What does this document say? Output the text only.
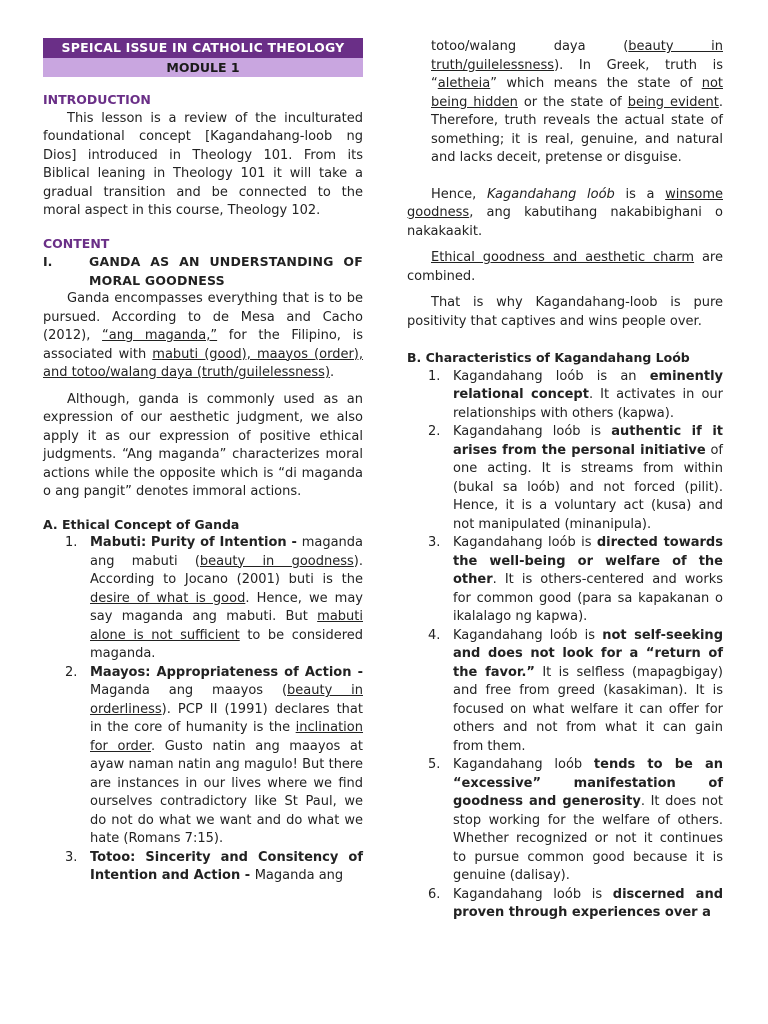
SPEICAL ISSUE IN CATHOLIC THEOLOGY
MODULE 1
INTRODUCTION

This lesson is a review of the inculturated foundational concept [Kagandahang-loob ng Dios] introduced in Theology 101. From its Biblical leaning in Theology 101 it will take a gradual transition and be connected to the moral aspect in this course, Theology 102.

CONTENT
I.	GANDA AS AN UNDERSTANDING OF MORAL GOODNESS

Ganda encompasses everything that is to be pursued. According to de Mesa and Cacho (2012), “ang maganda,” for the Filipino, is associated with mabuti (good), maayos (order), and totoo/walang daya (truth/guilelessness).

Although, ganda is commonly used as an expression of our aesthetic judgment, we also apply it as our expression of positive ethical judgments. “Ang maganda” characterizes moral actions while the opposite which is “di maganda o ang pangit” denotes immoral actions.

A. Ethical Concept of Ganda
1. Mabuti: Purity of Intention - maganda ang mabuti (beauty in goodness). According to Jocano (2001) buti is the desire of what is good. Hence, we may say maganda ang mabuti. But mabuti alone is not sufficient to be considered maganda.
2. Maayos: Appropriateness of Action - Maganda ang maayos (beauty in orderliness). PCP II (1991) declares that in the core of humanity is the inclination for order. Gusto natin ang maayos at ayaw naman natin ang magulo! But there are instances in our lives where we find ourselves contradictory like St Paul, we do not do what we want and do what we hate (Romans 7:15).
3. Totoo: Sincerity and Consitency of Intention and Action - Maganda ang

totoo/walang daya (beauty in truth/guilelessness). In Greek, truth is “aletheia” which means the state of not being hidden or the state of being evident. Therefore, truth reveals the actual state of something; it is real, genuine, and natural and lacks deceit, pretense or disguise.

Hence, Kagandahang loób is a winsome goodness, ang kabutihang nakabibighani o nakakaakit.

Ethical goodness and aesthetic charm are combined.

That is why Kagandahang-loob is pure positivity that captives and wins people over.

B. Characteristics of Kagandahang Loób
1. Kagandahang loób is an eminently relational concept. It activates in our relationships with others (kapwa).
2. Kagandahang loób is authentic if it arises from the personal initiative of one acting. It is streams from within (bukal sa loób) and not forced (pilit). Hence, it is a voluntary act (kusa) and not manipulated (minanipula).
3. Kagandahang loób is directed towards the well-being or welfare of the other. It is others-centered and works for common good (para sa kapakanan o ikalalago ng kapwa).
4. Kagandahang loób is not self-seeking and does not look for a “return of the favor.” It is selfless (mapagbigay) and free from greed (kasakiman). It is focused on what welfare it can offer for others and not from what it can gain from them.
5. Kagandahang loób tends to be an “excessive” manifestation of goodness and generosity. It does not stop working for the welfare of others. Whether recognized or not it continues to pursue common good because it is genuine (dalisay).
6. Kagandahang loób is discerned and proven through experiences over a
